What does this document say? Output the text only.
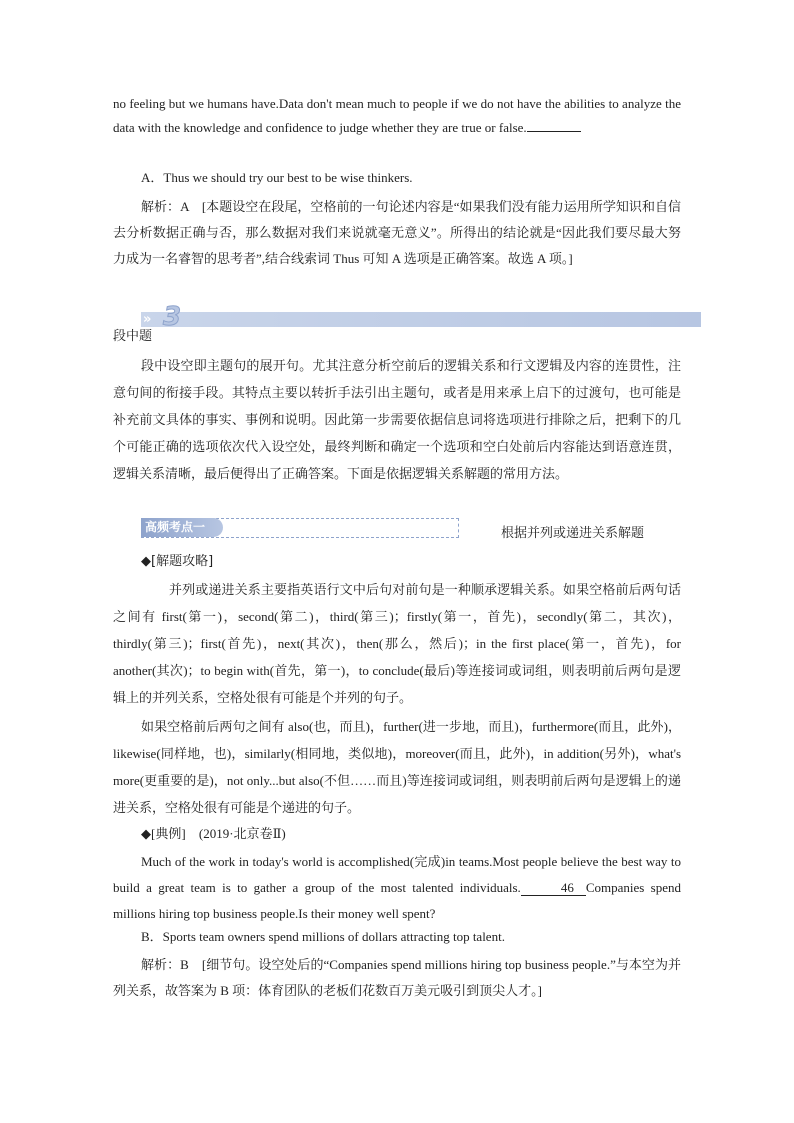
no feeling but we humans have.Data don't mean much to people if we do not have the abilities to analyze the data with the knowledge and confidence to judge whether they are true or false.

A．Thus we should try our best to be wise thinkers.

解析：A　[本题设空在段尾，空格前的一句论述内容是“如果我们没有能力运用所学知识和自信去分析数据正确与否，那么数据对我们来说就毫无意义”。所得出的结论就是“因此我们要尽最大努力成为一名睿智的思考者”,结合线索词 Thus 可知 A 选项是正确答案。故选 A 项。]

» 3
段中题

段中设空即主题句的展开句。尤其注意分析空前后的逻辑关系和行文逻辑及内容的连贯性，注意句间的衔接手段。其特点主要以转折手法引出主题句，或者是用来承上启下的过渡句，也可能是补充前文具体的事实、事例和说明。因此第一步需要依据信息词将选项进行排除之后，把剩下的几个可能正确的选项依次代入设空处，最终判断和确定一个选项和空白处前后内容能达到语意连贯，逻辑关系清晰，最后便得出了正确答案。下面是依据逻辑关系解题的常用方法。

高频考点一	根据并列或递进关系解题

◆[解题攻略]

并列或递进关系主要指英语行文中后句对前句是一种顺承逻辑关系。如果空格前后两句话之间有 first(第一)，second(第二)，third(第三)；firstly(第一，首先)，secondly(第二，其次)，thirdly(第三)；first(首先)，next(其次)，then(那么，然后)；in the first place(第一，首先)，for another(其次)；to begin with(首先，第一)，to conclude(最后)等连接词或词组，则表明前后两句是逻辑上的并列关系，空格处很有可能是个并列的句子。

如果空格前后两句之间有 also(也，而且)，further(进一步地，而且)，furthermore(而且，此外)，likewise(同样地，也)，similarly(相同地，类似地)，moreover(而且，此外)，in addition(另外)，what's more(更重要的是)，not only...but also(不但……而且)等连接词或词组，则表明前后两句是逻辑上的递进关系，空格处很有可能是个递进的句子。

◆[典例] (2019·北京卷Ⅱ)

Much of the work in today's world is accomplished(完成)in teams.Most people believe the best way to build a great team is to gather a group of the most talented individuals.	46 Companies spend millions hiring top business people.Is their money well spent?

B．Sports team owners spend millions of dollars attracting top talent.

解析：B　[细节句。设空处后的“Companies spend millions hiring top business people.”与本空为并列关系，故答案为 B 项：体育团队的老板们花数百万美元吸引到顶尖人才。]
